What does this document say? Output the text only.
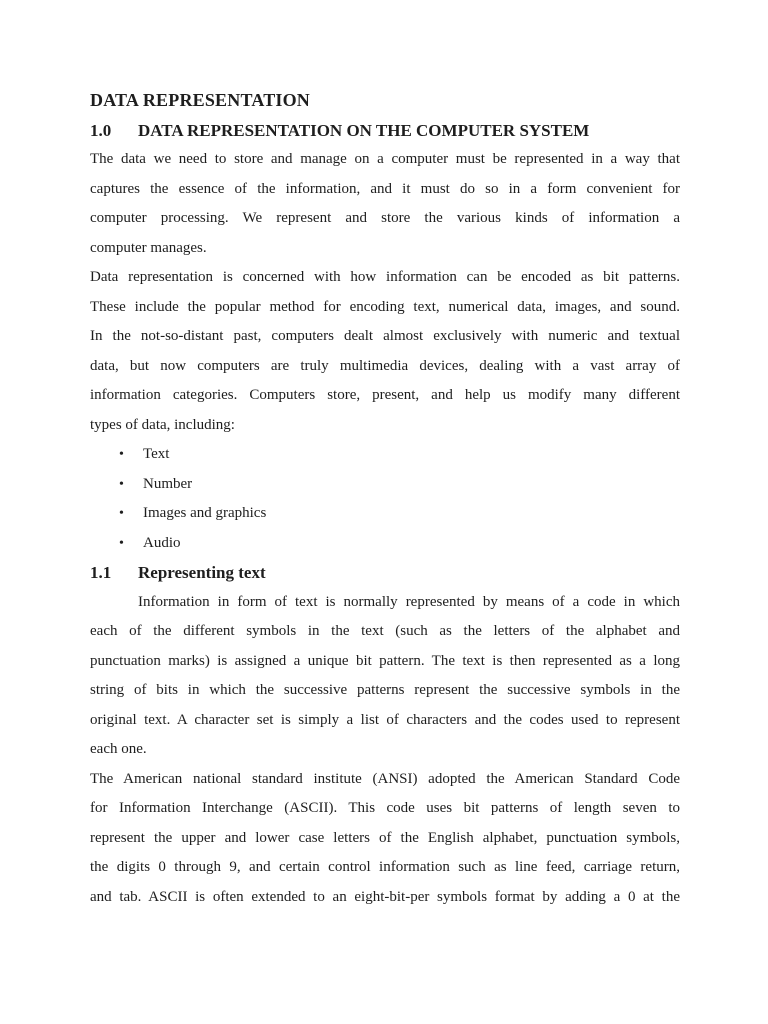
DATA REPRESENTATION
1.0 DATA REPRESENTATION ON THE COMPUTER SYSTEM
The data we need to store and manage on a computer must be represented in a way that
captures the essence of the information, and it must do so in a form convenient for
computer processing. We represent and store the various kinds of information a
computer manages.
Data representation is concerned with how information can be encoded as bit patterns.
These include the popular method for encoding text, numerical data, images, and sound.
In the not-so-distant past, computers dealt almost exclusively with numeric and textual
data, but now computers are truly multimedia devices, dealing with a vast array of
information categories. Computers store, present, and help us modify many different
types of data, including:
• Text
• Number
• Images and graphics
• Audio
1.1 Representing text
Information in form of text is normally represented by means of a code in which
each of the different symbols in the text (such as the letters of the alphabet and
punctuation marks) is assigned a unique bit pattern. The text is then represented as a long
string of bits in which the successive patterns represent the successive symbols in the
original text. A character set is simply a list of characters and the codes used to represent
each one.
The American national standard institute (ANSI) adopted the American Standard Code
for Information Interchange (ASCII). This code uses bit patterns of length seven to
represent the upper and lower case letters of the English alphabet, punctuation symbols,
the digits 0 through 9, and certain control information such as line feed, carriage return,
and tab. ASCII is often extended to an eight-bit-per symbols format by adding a 0 at the
